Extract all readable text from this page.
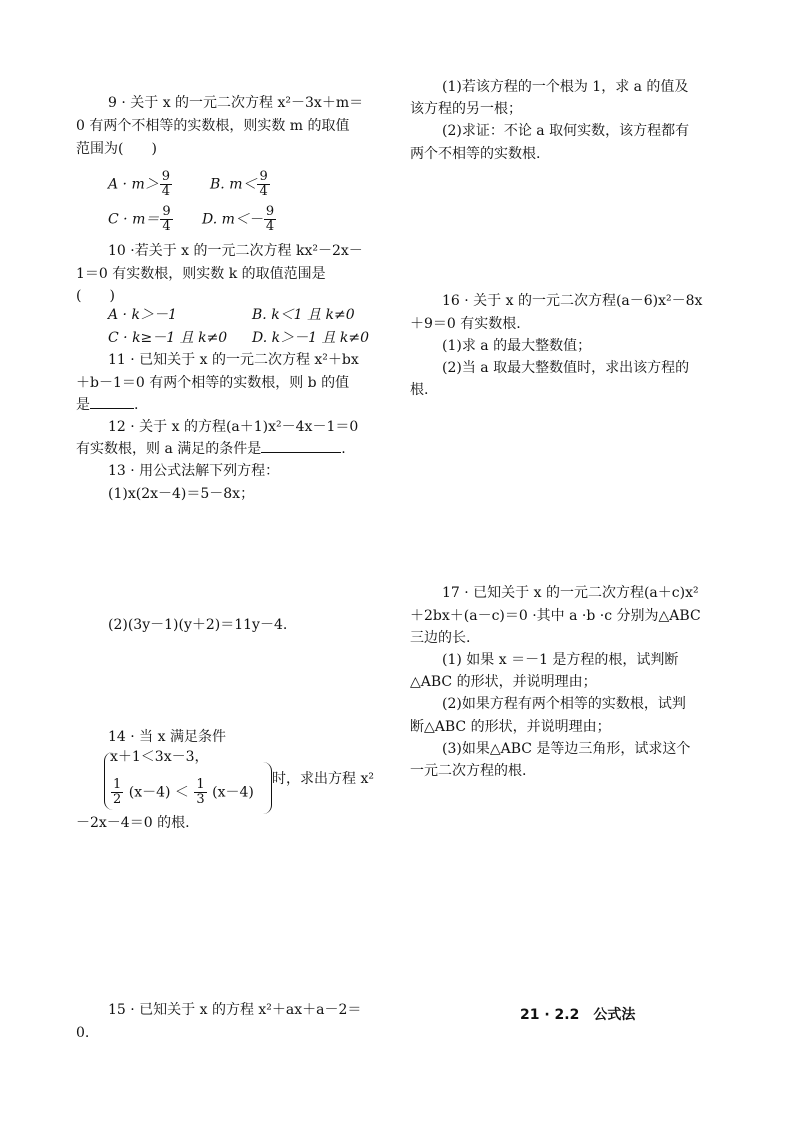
9 · 关于 x 的一元二次方程 x²－3x＋m＝
0 有两个不相等的实数根，则实数 m 的取值
范围为(　　)
$A \cdot m> \frac{9}{4}$	B. $m< \frac{9}{4}$
$C \cdot m= \frac{9}{4} D$. $m<- \frac{9}{4}$
10 ·若关于 x 的一元二次方程 kx²－2x－
1＝0 有实数根，则实数 k 的取值范围是
(　　)
A · k＞－1	B. k＜1 且 k≠0
C · k≥－1 且 k≠0 D. k＞－1 且 k≠0
11 · 已知关于 x 的一元二次方程 x²＋bx
＋b－1＝0 有两个相等的实数根，则 b 的值
是	.
12 · 关于 x 的方程(a＋1)x²－4x－1＝0
有实数根，则 a 满足的条件是	.
13 · 用公式法解下列方程：
(1)x(2x－4)＝5－8x；
(2)(3y－1)(y＋2)＝11y－4.
14 · 当 x 满足条件
x＋1＜3x－3，
$\frac{1}{2} (x-4) < \frac{1}{3} (x-4)$
时，求出方程 x²
－2x－4＝0 的根.
15 · 已知关于 x 的方程 x²＋ax＋a－2＝
0.
(1)若该方程的一个根为 1，求 a 的值及
该方程的另一根；
(2)求证：不论 a 取何实数，该方程都有
两个不相等的实数根.
16 · 关于 x 的一元二次方程(a－6)x²－8x
＋9＝0 有实数根.
(1)求 a 的最大整数值；
(2)当 a 取最大整数值时，求出该方程的
根.
17 · 已知关于 x 的一元二次方程(a＋c)x²
＋2bx＋(a－c)＝0 ·其中 a ·b ·c 分别为△ABC
三边的长.
(1) 如果 x ＝－1 是方程的根，试判断
△ABC 的形状，并说明理由；
(2)如果方程有两个相等的实数根，试判
断△ABC 的形状，并说明理由；
(3)如果△ABC 是等边三角形，试求这个
一元二次方程的根.
21 · 2.2　公式法
